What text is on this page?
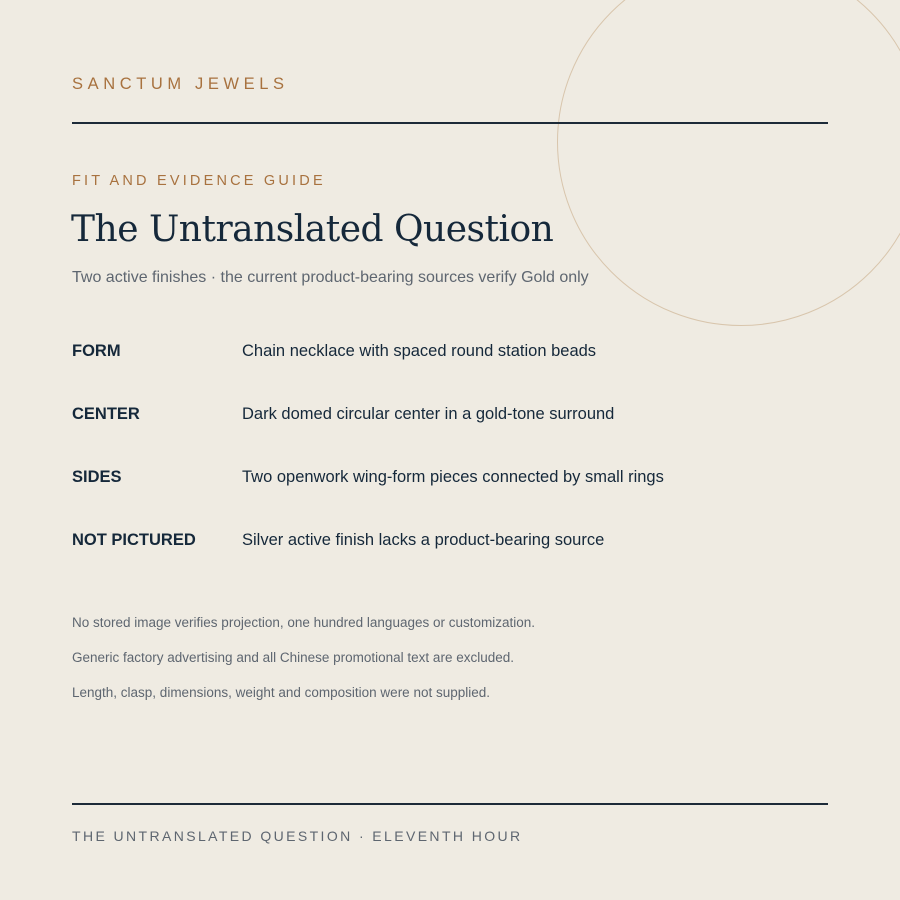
SANCTUM JEWELS
FIT AND EVIDENCE GUIDE
The Untranslated Question
Two active finishes · the current product-bearing sources verify Gold only
FORM	Chain necklace with spaced round station beads
CENTER	Dark domed circular center in a gold-tone surround
SIDES	Two openwork wing-form pieces connected by small rings
NOT PICTURED	Silver active finish lacks a product-bearing source
No stored image verifies projection, one hundred languages or customization.
Generic factory advertising and all Chinese promotional text are excluded.
Length, clasp, dimensions, weight and composition were not supplied.
THE UNTRANSLATED QUESTION · ELEVENTH HOUR
